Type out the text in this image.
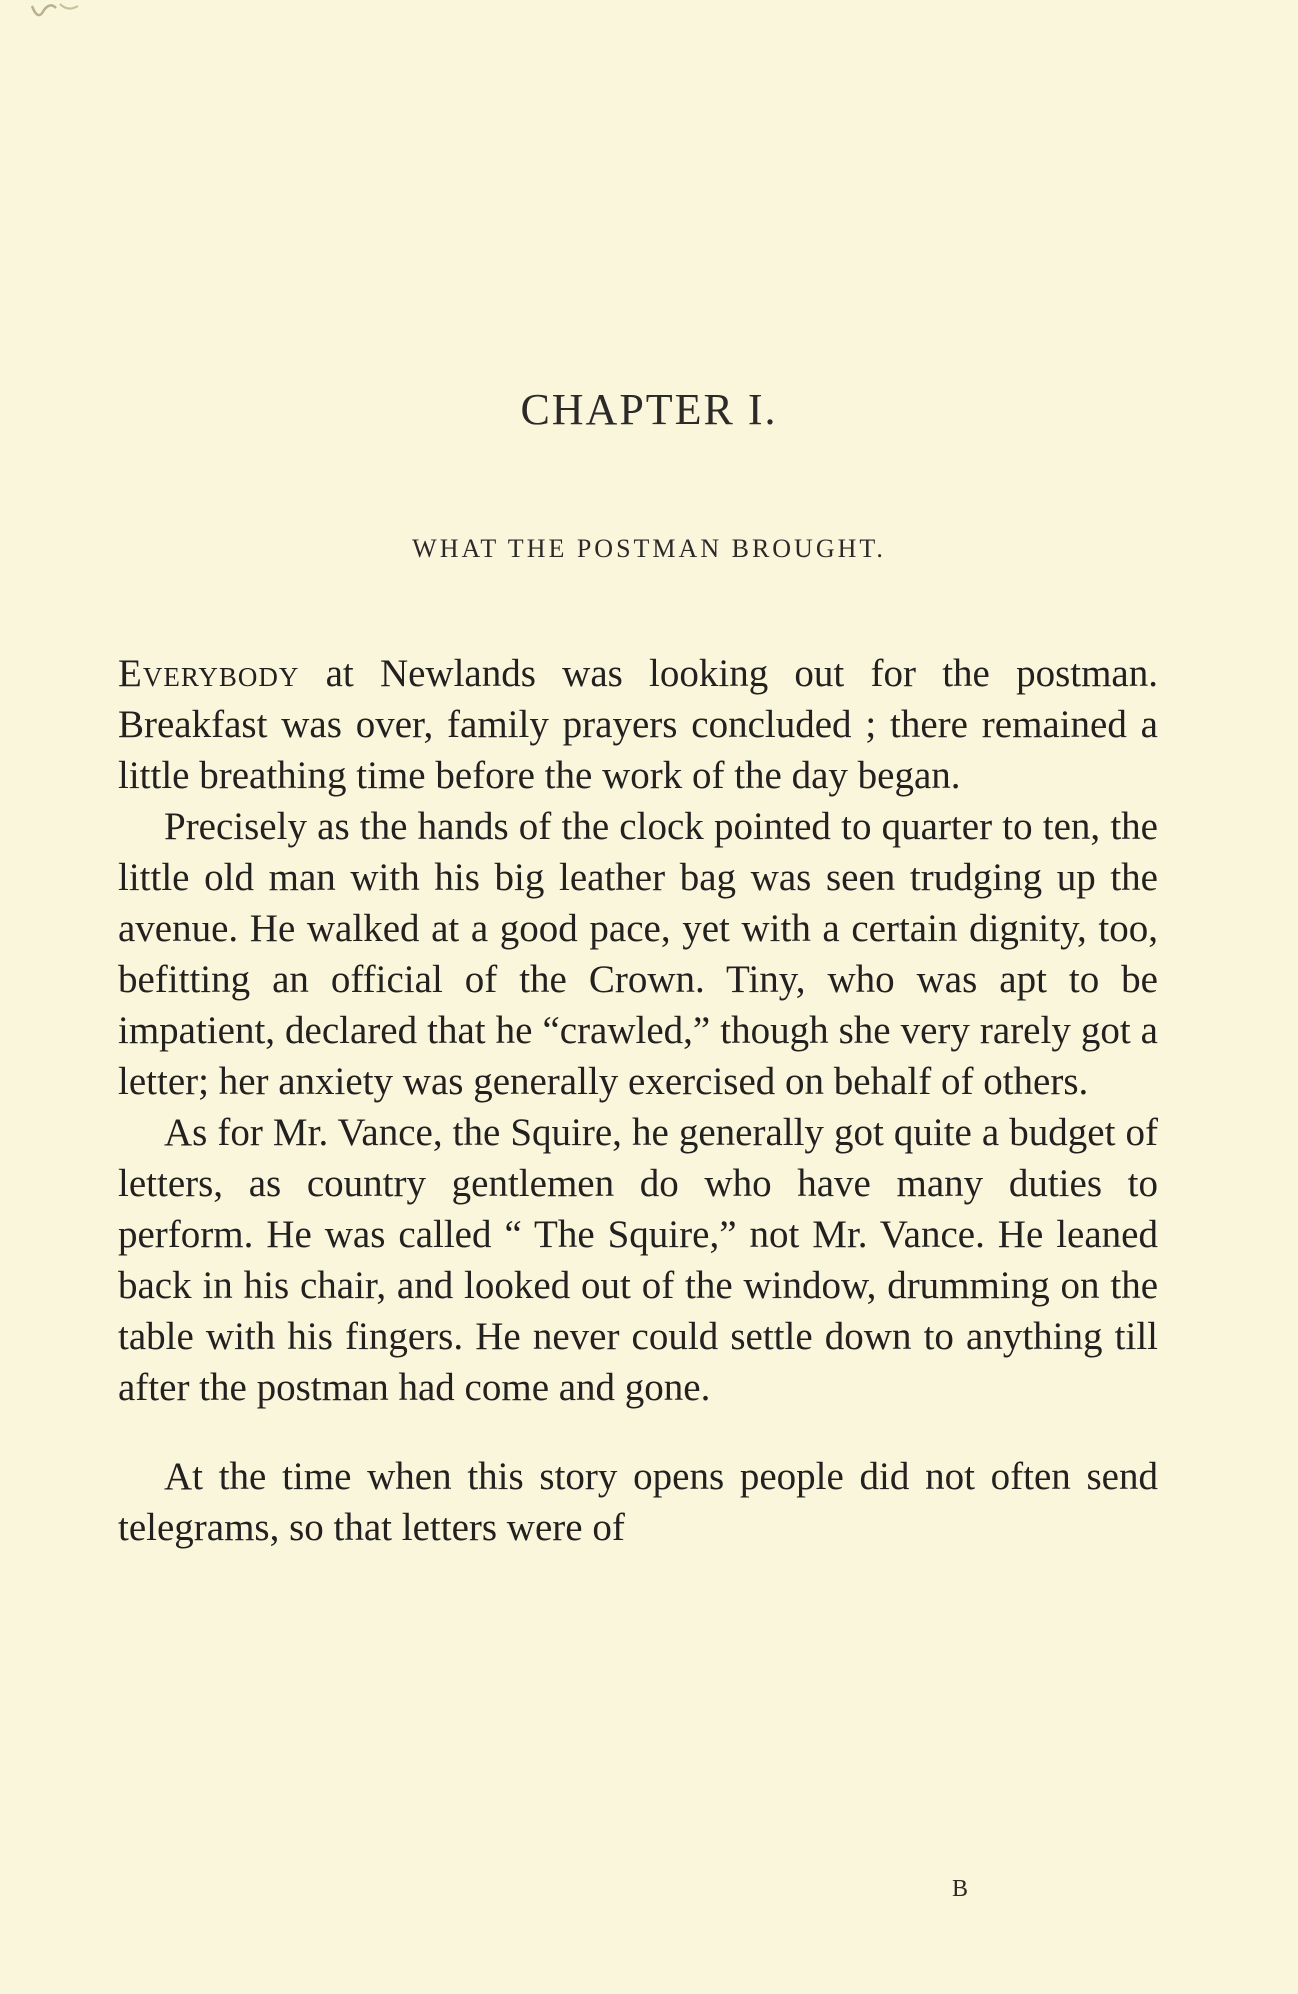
CHAPTER I.
WHAT THE POSTMAN BROUGHT.

Everybody at Newlands was looking out for the postman. Breakfast was over, family prayers concluded ; there remained a little breathing time before the work of the day began.

Precisely as the hands of the clock pointed to quarter to ten, the little old man with his big leather bag was seen trudging up the avenue. He walked at a good pace, yet with a certain dignity, too, befitting an official of the Crown. Tiny, who was apt to be impatient, declared that he “crawled,” though she very rarely got a letter; her anxiety was generally exercised on behalf of others.

As for Mr. Vance, the Squire, he generally got quite a budget of letters, as country gentlemen do who have many duties to perform. He was called “ The Squire,” not Mr. Vance. He leaned back in his chair, and looked out of the window, drumming on the table with his fingers. He never could settle down to anything till after the postman had come and gone.

At the time when this story opens people did not often send telegrams, so that letters were of

B
